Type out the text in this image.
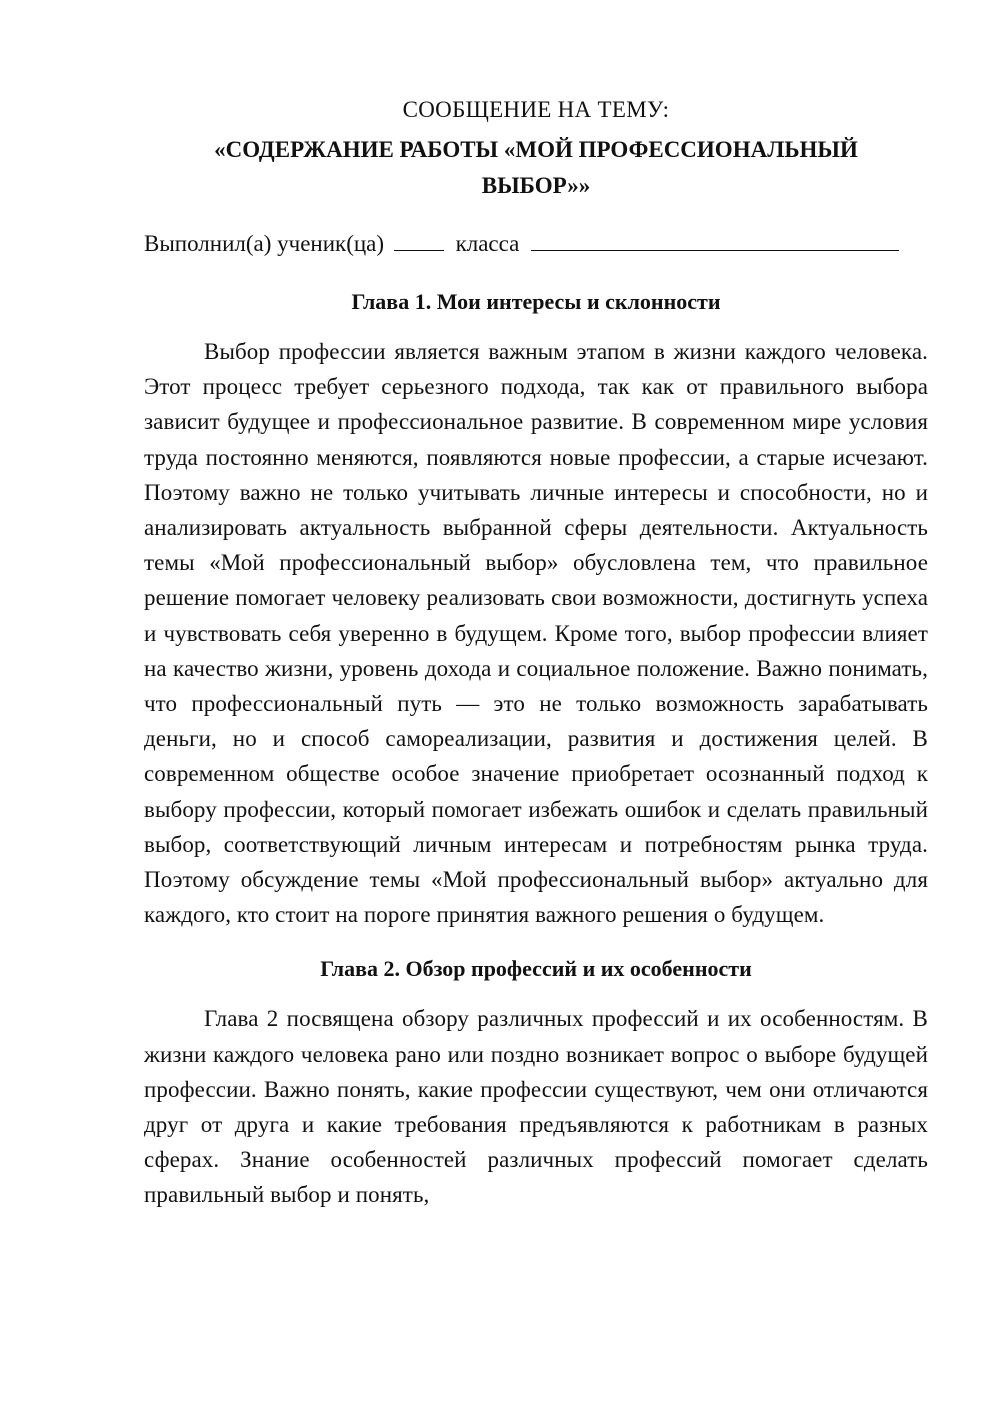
СООБЩЕНИЕ НА ТЕМУ:

«СОДЕРЖАНИЕ РАБОТЫ «МОЙ ПРОФЕССИОНАЛЬНЫЙ ВЫБОР»»

Выполнил(а) ученик(ца)	класса
Глава 1. Мои интересы и склонности

Выбор профессии является важным этапом в жизни каждого человека. Этот процесс требует серьезного подхода, так как от правильного выбора зависит будущее и профессиональное развитие. В современном мире условия труда постоянно меняются, появляются новые профессии, а старые исчезают. Поэтому важно не только учитывать личные интересы и способности, но и анализировать актуальность выбранной сферы деятельности. Актуальность темы «Мой профессиональный выбор» обусловлена тем, что правильное решение помогает человеку реализовать свои возможности, достигнуть успеха и чувствовать себя уверенно в будущем. Кроме того, выбор профессии влияет на качество жизни, уровень дохода и социальное положение. Важно понимать, что профессиональный путь — это не только возможность зарабатывать деньги, но и способ самореализации, развития и достижения целей. В современном обществе особое значение приобретает осознанный подход к выбору профессии, который помогает избежать ошибок и сделать правильный выбор, соответствующий личным интересам и потребностям рынка труда. Поэтому обсуждение темы «Мой профессиональный выбор» актуально для каждого, кто стоит на пороге принятия важного решения о будущем.

Глава 2. Обзор профессий и их особенности

Глава 2 посвящена обзору различных профессий и их особенностям. В жизни каждого человека рано или поздно возникает вопрос о выборе будущей профессии. Важно понять, какие профессии существуют, чем они отличаются друг от друга и какие требования предъявляются к работникам в разных сферах. Знание особенностей различных профессий помогает сделать правильный выбор и понять,
